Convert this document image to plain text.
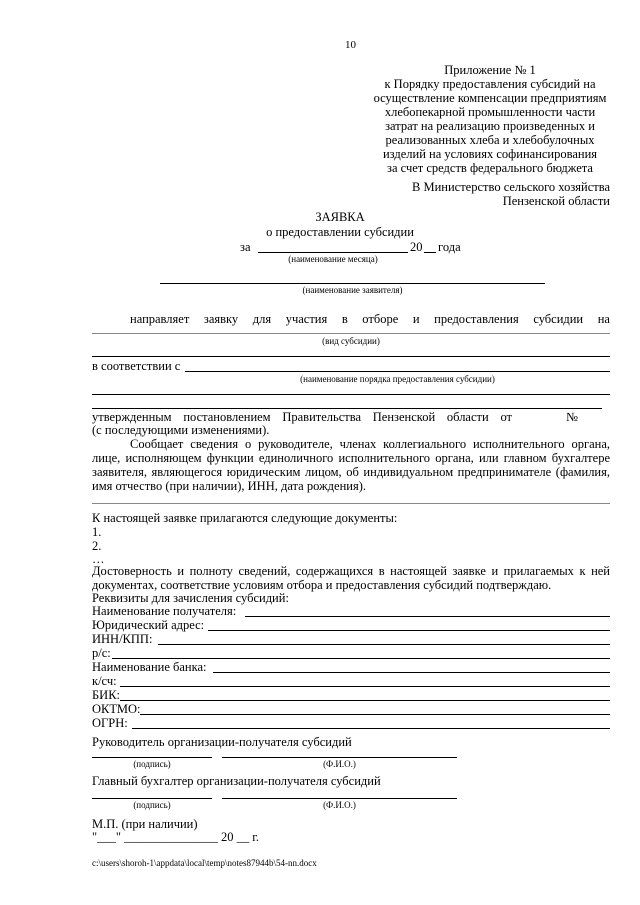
10
Приложение № 1
к Порядку предоставления субсидий на
осуществление компенсации предприятиям
хлебопекарной промышленности части
затрат на реализацию произведенных и
реализованных хлеба и хлебобулочных
изделий на условиях софинансирования
за счет средств федерального бюджета
В Министерство сельского хозяйства
Пензенской области
ЗАЯВКА
о предоставлении субсидии
за	20 года
(наименование месяца)
(наименование заявителя)
направляет заявку для участия в отборе и предоставления субсидии на
(вид субсидии)
в соответствии с
(наименование порядка предоставления субсидии)
утвержденным постановлением Правительства Пензенской области от	№
(с последующими изменениями).
Сообщает сведения о руководителе, членах коллегиального исполнительного органа, лице, исполняющем функции единоличного исполнительного органа, или главном бухгалтере заявителя, являющегося юридическим лицом, об индивидуальном предпринимателе (фамилия, имя отчество (при наличии), ИНН, дата рождения).
К настоящей заявке прилагаются следующие документы:
1.
2.
…
Достоверность и полноту сведений, содержащихся в настоящей заявке и прилагаемых к ней документах, соответствие условиям отбора и предоставления субсидий подтверждаю.
Реквизиты для зачисления субсидий:
Наименование получателя:
Юридический адрес:
ИНН/КПП:
р/с:
Наименование банка:
к/сч:
БИК:
ОКТМО:
ОГРН:
Руководитель организации-получателя субсидий
(подпись)	(Ф.И.О.)
Главный бухгалтер организации-получателя субсидий
(подпись)	(Ф.И.О.)
М.П. (при наличии)
"___" _______________ 20 __ г.
c:\users\shoroh-1\appdata\local\temp\notes87944b\54-nn.docx
